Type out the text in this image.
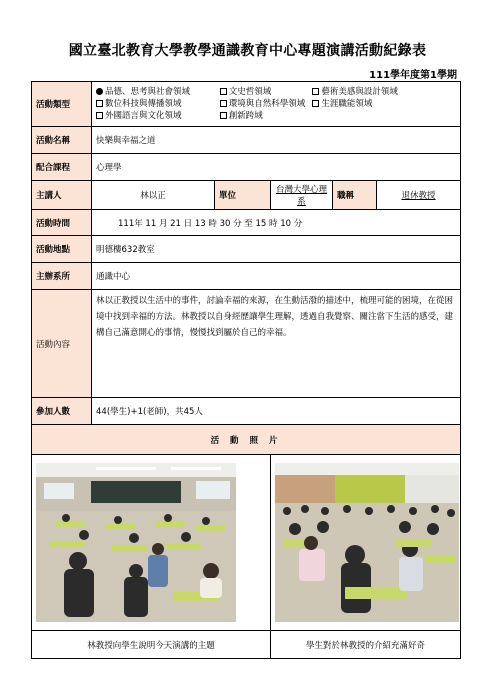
國立臺北教育大學教學通識教育中心專題演講活動紀錄表
111學年度第1學期
活動類型	品德、思考與社會領域 文史哲領域 藝術美感與設計領域
數位科技與傳播領域 環境與自然科學領域 生涯職能領域
外國語言與文化領域 創新跨域				

活動名稱	快樂與幸福之道				
配合課程	心理學				
主講人	林以正	單位	台灣大學心理系	職稱	退休教授
活動時間	111年 11 月 21 日 13 時 30 分 至 15 時 10 分				
活動地點	明德樓632教室				
主辦系所	通識中心				
活動內容	林以正教授以生活中的事件，討論幸福的來源，在生動活潑的描述中，梳理可能的困境，在從困境中找到幸福的方法。林教授以自身經歷讓學生理解，透過自我覺察、關注當下生活的感受，建構自己滿意開心的事情，慢慢找到屬於自己的幸福。				
參加人數	44(學生)+1(老師)，共45人				
活 動 照 片					

林教授向學生說明今天演講的主題			學生對於林教授的介紹充滿好奇		
